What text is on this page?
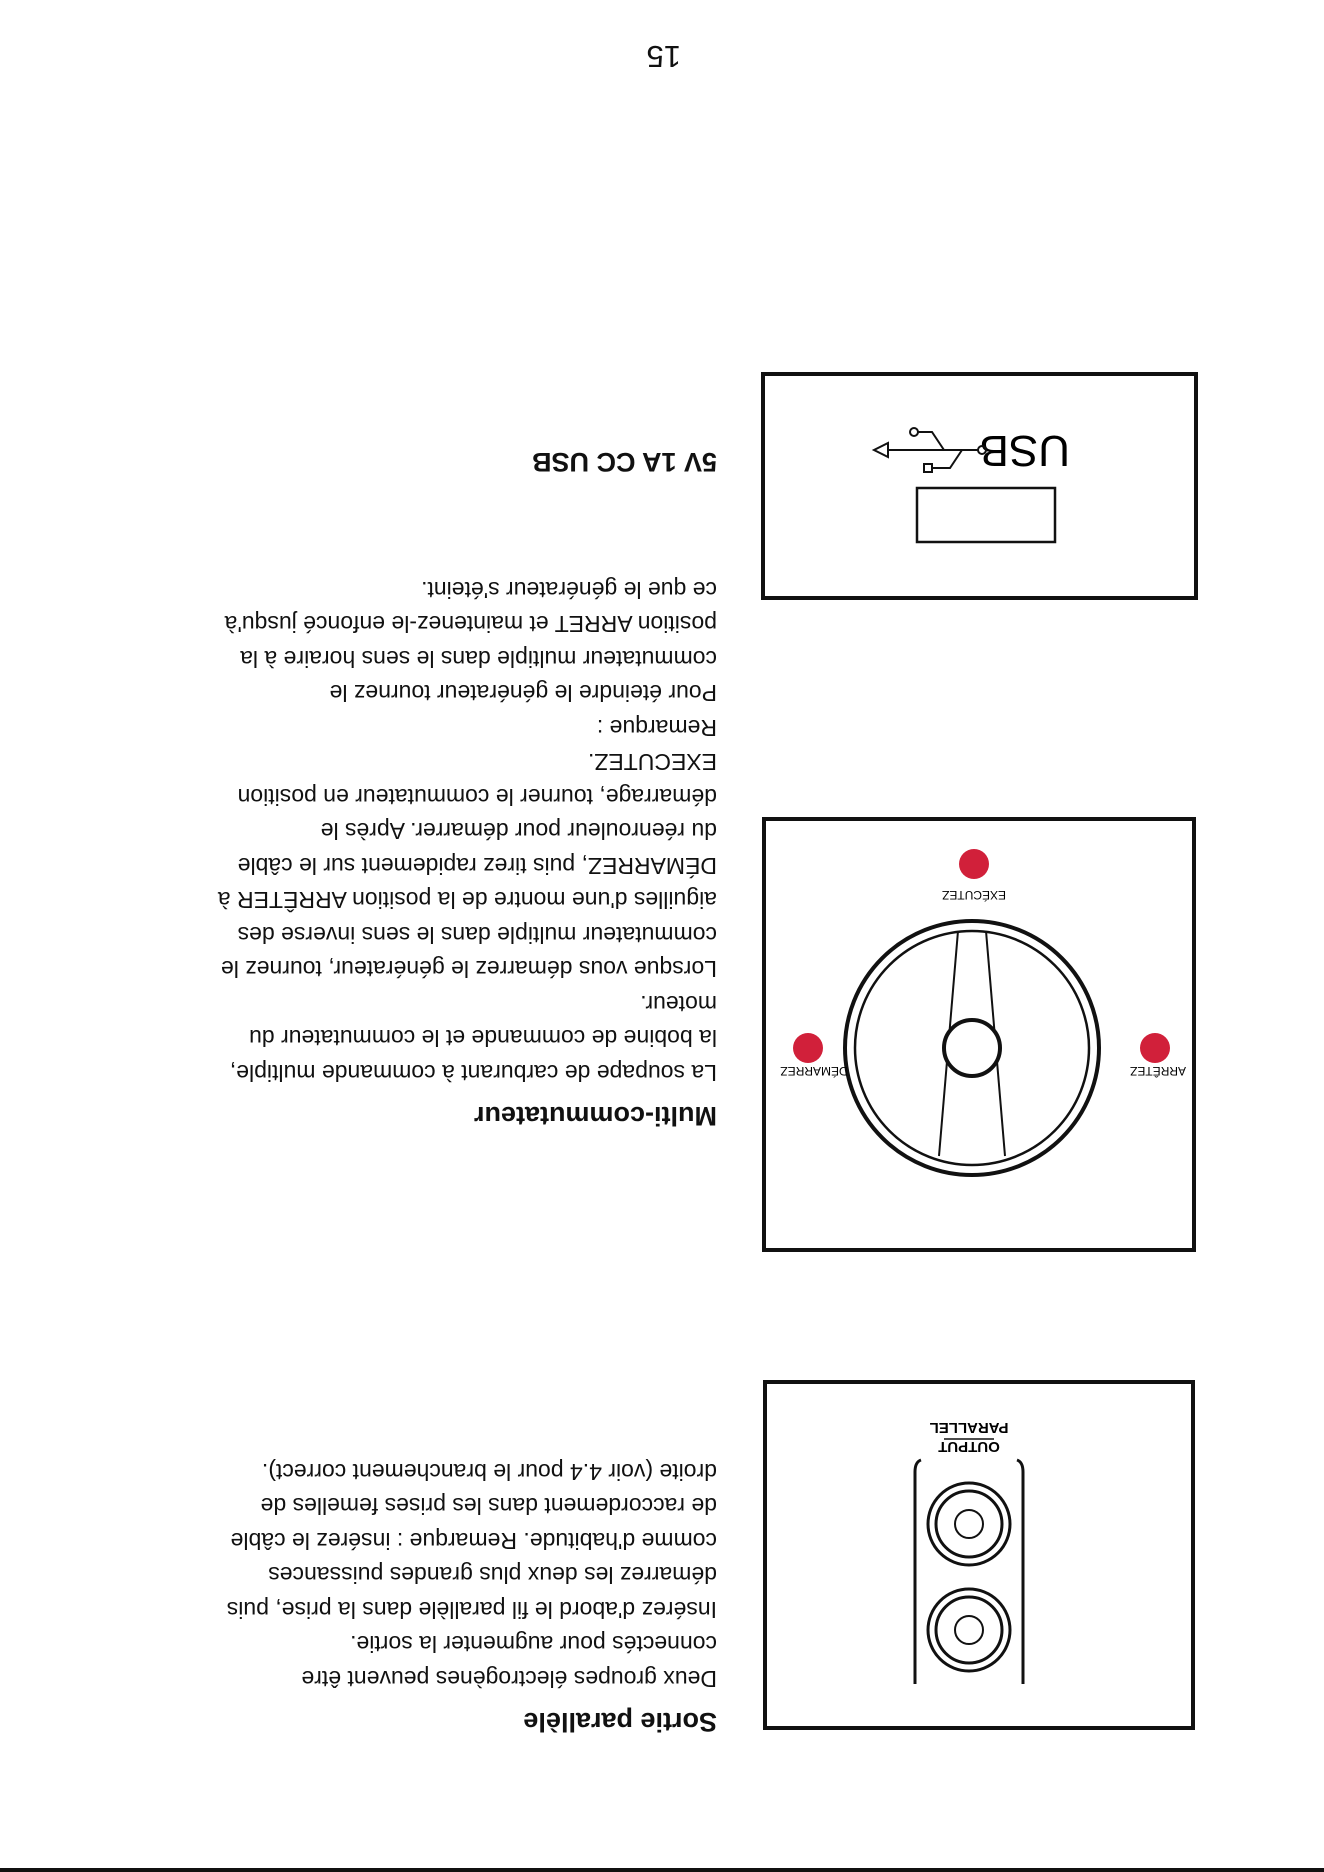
Sortie parallèle
Deux groupes électrogènes peuvent être
connectés pour augmenter la sortie.
Insérez d'abord le fil parallèle dans la prise, puis
démarrez les deux plus grandes puissances
comme d'habitude. Remarque : insérez le câble
de raccordement dans les prises femelles de
droite (voir 4.4 pour le branchement correct).
OUTPUT
PARALLEL
Multi-commutateur
La soupape de carburant à commande multiple,
la bobine de commande et le commutateur du
moteur.
Lorsque vous démarrez le générateur, tournez le
commutateur multiple dans le sens inverse des
aiguilles d'une montre de la position ARRÊTER à
DÉMARREZ, puis tirez rapidement sur le câble
du réenrouleur pour démarrer. Après le
démarrage, tourner le commutateur en position
EXECUTEZ.
Remarque :
Pour éteindre le générateur tournez le
commutateur multiple dans le sens horaire à la
position ARRET et maintenez-le enfoncé jusqu'à
ce que le générateur s'éteint.
ARRÊTEZ
DÉMARREZ
EXÉCUTEZ
5V 1A CC USB	USB
15
